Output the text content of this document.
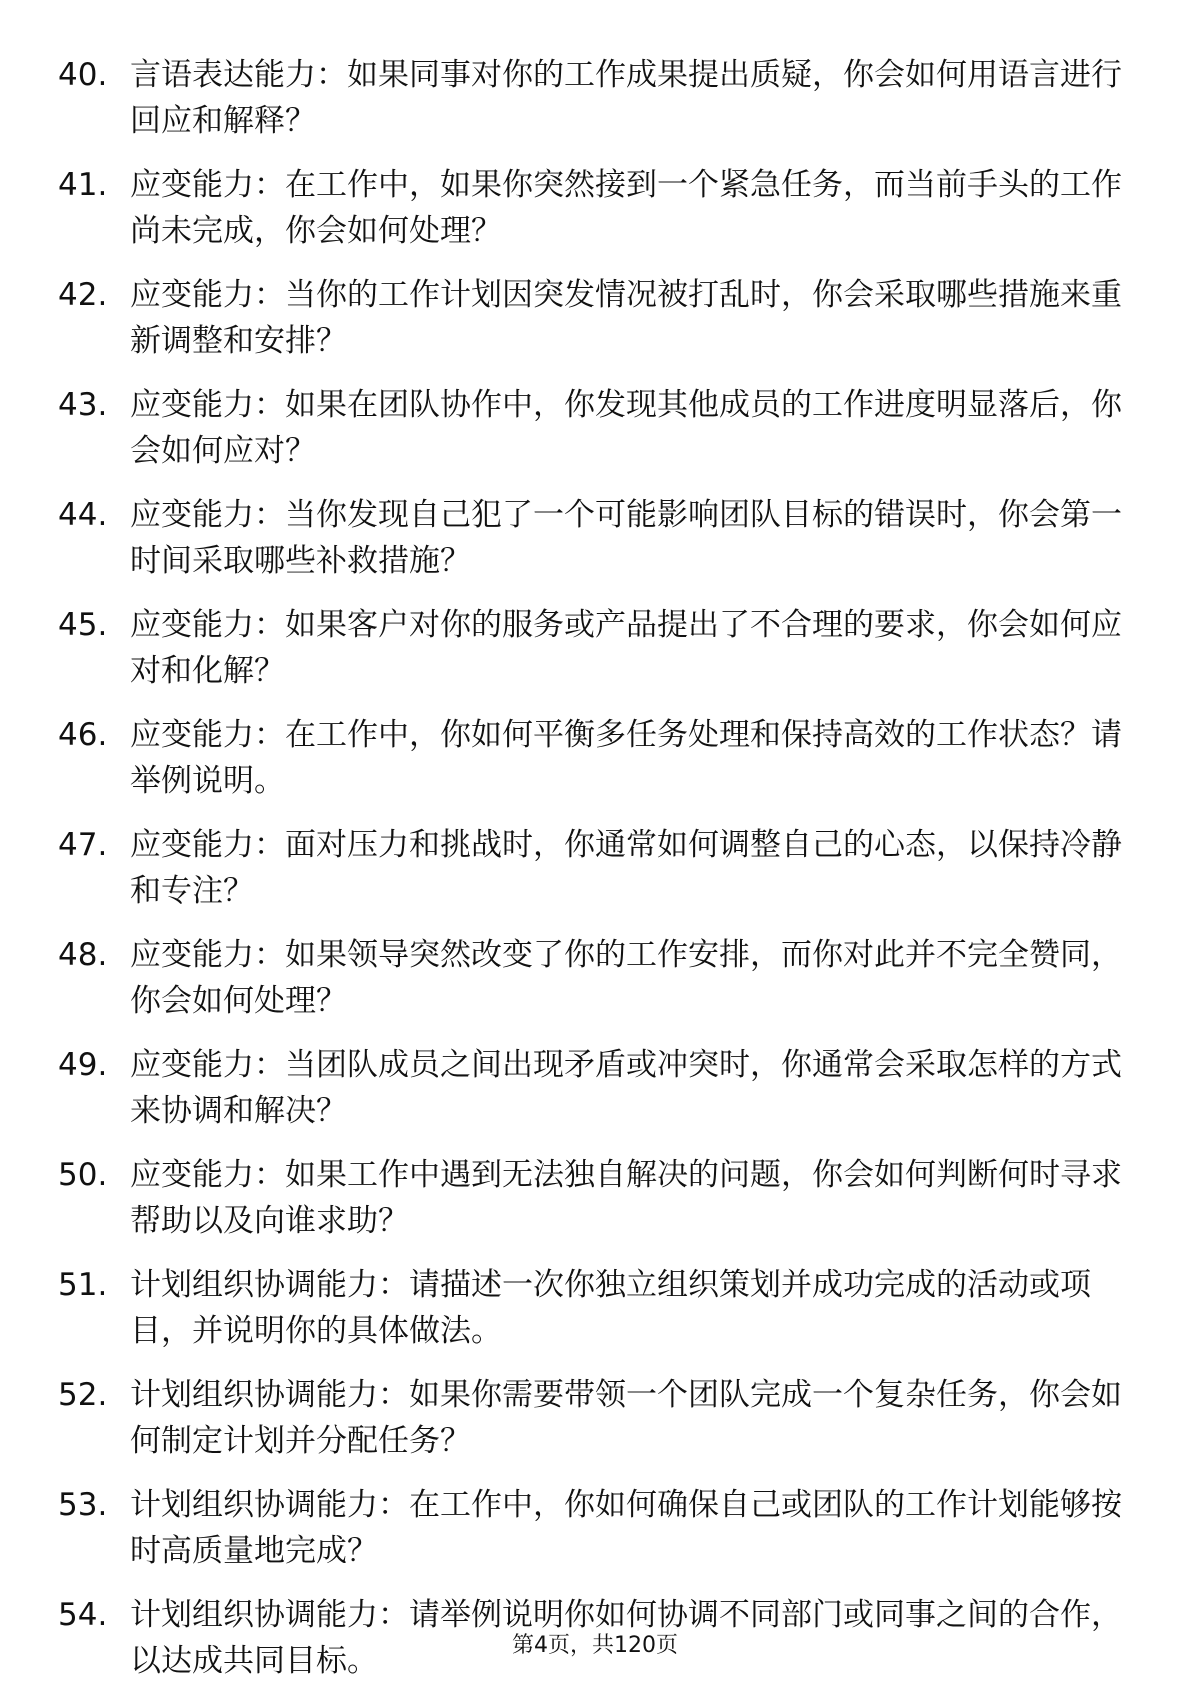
40. 言语表达能力：如果同事对你的工作成果提出质疑，你会如何用语言进行回应和解释？
41. 应变能力：在工作中，如果你突然接到一个紧急任务，而当前手头的工作尚未完成，你会如何处理？
42. 应变能力：当你的工作计划因突发情况被打乱时，你会采取哪些措施来重新调整和安排？
43. 应变能力：如果在团队协作中，你发现其他成员的工作进度明显落后，你会如何应对？
44. 应变能力：当你发现自己犯了一个可能影响团队目标的错误时，你会第一时间采取哪些补救措施？
45. 应变能力：如果客户对你的服务或产品提出了不合理的要求，你会如何应对和化解？
46. 应变能力：在工作中，你如何平衡多任务处理和保持高效的工作状态？请举例说明。
47. 应变能力：面对压力和挑战时，你通常如何调整自己的心态，以保持冷静和专注？
48. 应变能力：如果领导突然改变了你的工作安排，而你对此并不完全赞同，你会如何处理？
49. 应变能力：当团队成员之间出现矛盾或冲突时，你通常会采取怎样的方式来协调和解决？
50. 应变能力：如果工作中遇到无法独自解决的问题，你会如何判断何时寻求帮助以及向谁求助？
51. 计划组织协调能力：请描述一次你独立组织策划并成功完成的活动或项目，并说明你的具体做法。
52. 计划组织协调能力：如果你需要带领一个团队完成一个复杂任务，你会如何制定计划并分配任务？
53. 计划组织协调能力：在工作中，你如何确保自己或团队的工作计划能够按时高质量地完成？
54. 计划组织协调能力：请举例说明你如何协调不同部门或同事之间的合作，以达成共同目标。	第4页，共120页
